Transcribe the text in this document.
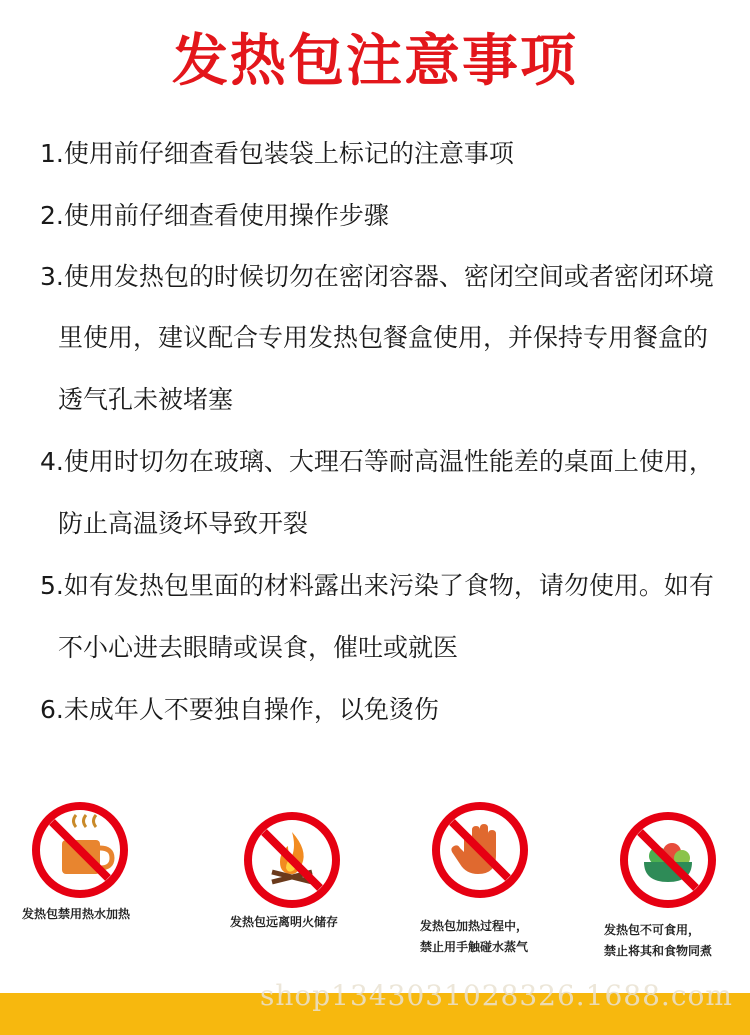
发热包注意事项
1.使用前仔细查看包装袋上标记的注意事项
2.使用前仔细查看使用操作步骤
3.使用发热包的时候切勿在密闭容器、密闭空间或者密闭环境
里使用，建议配合专用发热包餐盒使用，并保持专用餐盒的
透气孔未被堵塞
4.使用时切勿在玻璃、大理石等耐高温性能差的桌面上使用，
防止高温烫坏导致开裂
5.如有发热包里面的材料露出来污染了食物，请勿使用。如有
不小心进去眼睛或误食，催吐或就医
6.未成年人不要独自操作，以免烫伤
发热包禁用热水加热
发热包远离明火储存	发热包加热过程中，
禁止用手触碰水蒸气
发热包不可食用，
禁止将其和食物同煮
shop1343031028326.1688.com
